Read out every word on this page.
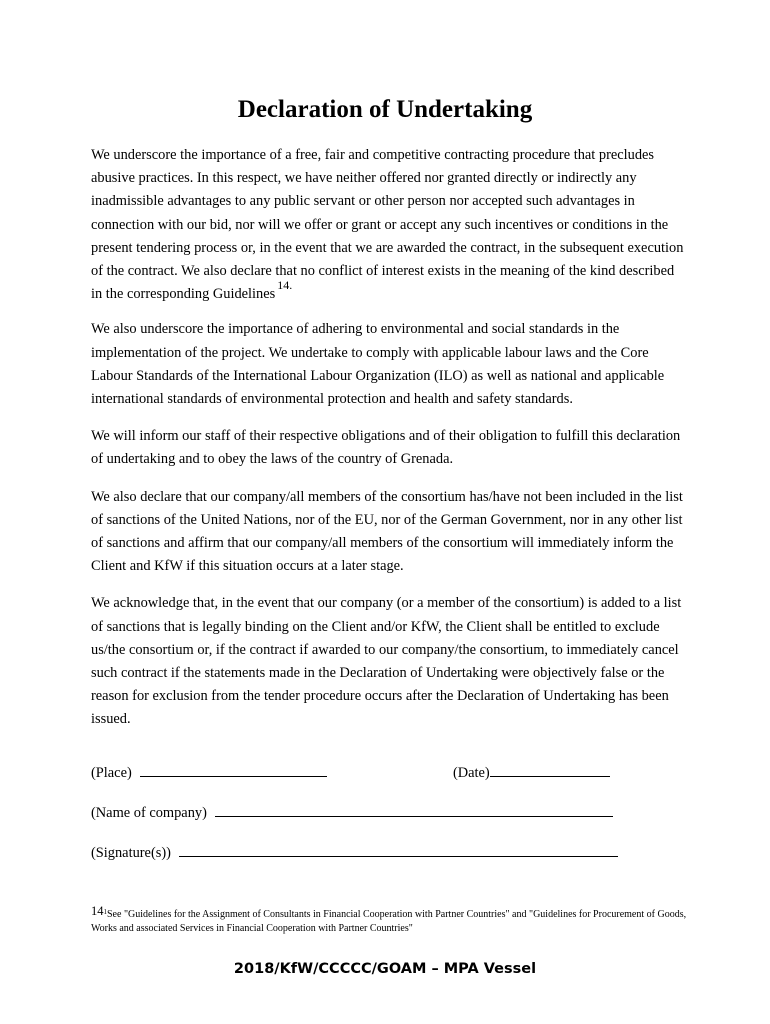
Declaration of Undertaking

We underscore the importance of a free, fair and competitive contracting procedure that precludes abusive practices. In this respect, we have neither offered nor granted directly or indirectly any inadmissible advantages to any public servant or other person nor accepted such advantages in connection with our bid, nor will we offer or grant or accept any such incentives or conditions in the present tendering process or, in the event that we are awarded the contract, in the subsequent execution of the contract. We also declare that no conflict of interest exists in the meaning of the kind described in the corresponding Guidelines$^{14.}$

We also underscore the importance of adhering to environmental and social standards in the implementation of the project. We undertake to comply with applicable labour laws and the Core Labour Standards of the International Labour Organization (ILO) as well as national and applicable international standards of environmental protection and health and safety standards.

We will inform our staff of their respective obligations and of their obligation to fulfill this declaration of undertaking and to obey the laws of the country of Grenada.

We also declare that our company/all members of the consortium has/have not been included in the list of sanctions of the United Nations, nor of the EU, nor of the German Government, nor in any other list of sanctions and affirm that our company/all members of the consortium will immediately inform the Client and KfW if this situation occurs at a later stage.

We acknowledge that, in the event that our company (or a member of the consortium) is added to a list of sanctions that is legally binding on the Client and/or KfW, the Client shall be entitled to exclude us/the consortium or, if the contract if awarded to our company/the consortium, to immediately cancel such contract if the statements made in the Declaration of Undertaking were objectively false or the reason for exclusion from the tender procedure occurs after the Declaration of Undertaking has been issued.

(Place)	(Date)
(Name of company)
(Signature(s))
14$^1$See "Guidelines for the Assignment of Consultants in Financial Cooperation with Partner Countries" and "Guidelines for Procurement of Goods, Works and associated Services in Financial Cooperation with Partner Countries"
2018/KfW/CCCCC/GOAM – MPA Vessel
